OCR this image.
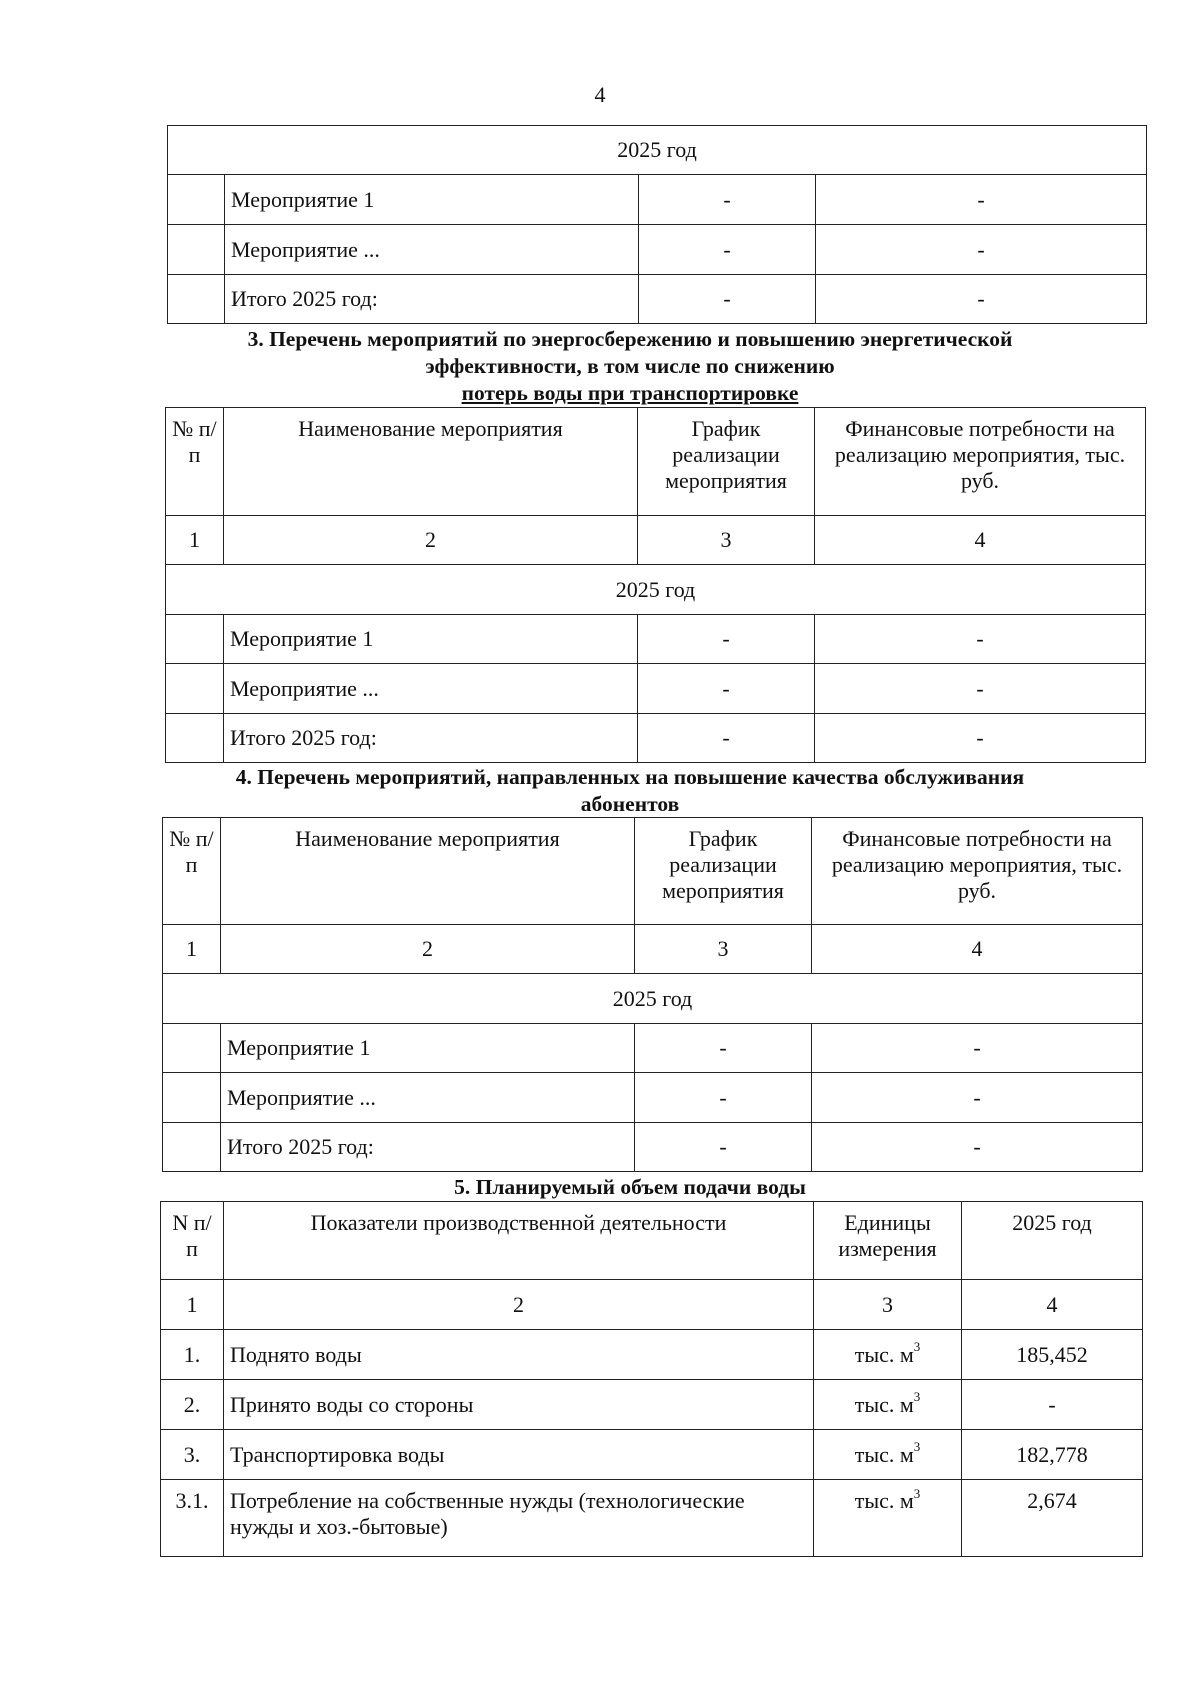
4
2025 год			
	Мероприятие 1	-	-
	Мероприятие ...	-	-
	Итого 2025 год:	-	-
3. Перечень мероприятий по энергосбережению и повышению энергетической
эффективности, в том числе по снижению
потерь воды при транспортировке
№ п/п	Наименование мероприятия	График реализации мероприятия	Финансовые потребности на реализацию мероприятия, тыс. руб.
1	2	3	4
2025 год			
	Мероприятие 1	-	-
	Мероприятие ...	-	-
	Итого 2025 год:	-	-
4. Перечень мероприятий, направленных на повышение качества обслуживания
абонентов
№ п/п	Наименование мероприятия	График реализации мероприятия	Финансовые потребности на реализацию мероприятия, тыс. руб.
1	2	3	4
2025 год			
	Мероприятие 1	-	-
	Мероприятие ...	-	-
	Итого 2025 год:	-	-
5. Планируемый объем подачи воды
N п/п	Показатели производственной деятельности	Единицы измерения	2025 год
1	2	3	4
1.	Поднято воды	тыс. $м^3$	185,452
2.	Принято воды со стороны	тыс. $м^3$	-
3.	Транспортировка воды	тыс. $м^3$	182,778
3.1.	Потребление на собственные нужды (технологические нужды и хоз.-бытовые)	тыс. $м^3$	2,674
